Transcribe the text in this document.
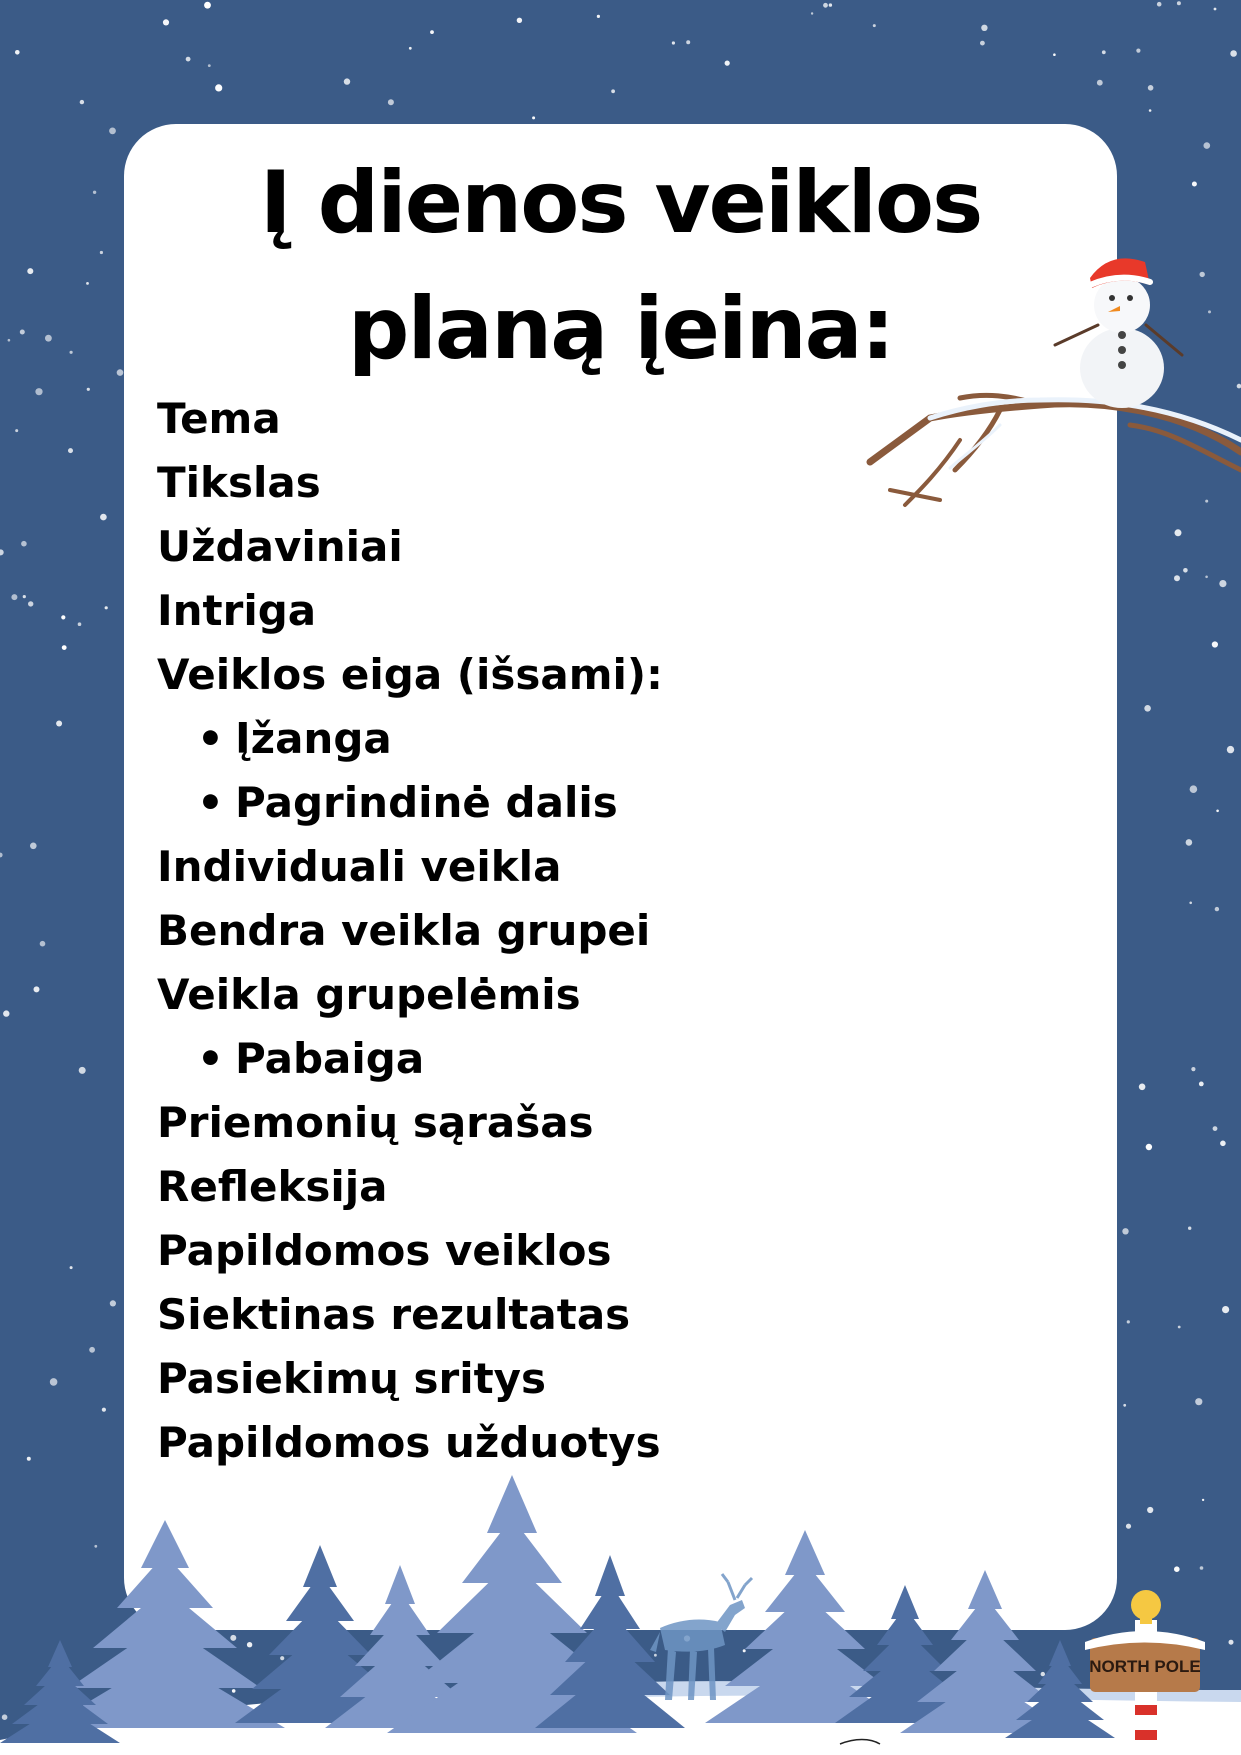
Į dienos veiklos
planą įeina:
Tema
Tikslas
Uždaviniai
Intriga
Veiklos eiga (išsami):
• Įžanga
• Pagrindinė dalis
Individuali veikla
Bendra veikla grupei
Veikla grupelėmis
• Pabaiga
Priemonių sąrašas
Refleksija
Papildomos veiklos
Siektinas rezultatas
Pasiekimų sritys
Papildomos užduotys
NORTH POLE
